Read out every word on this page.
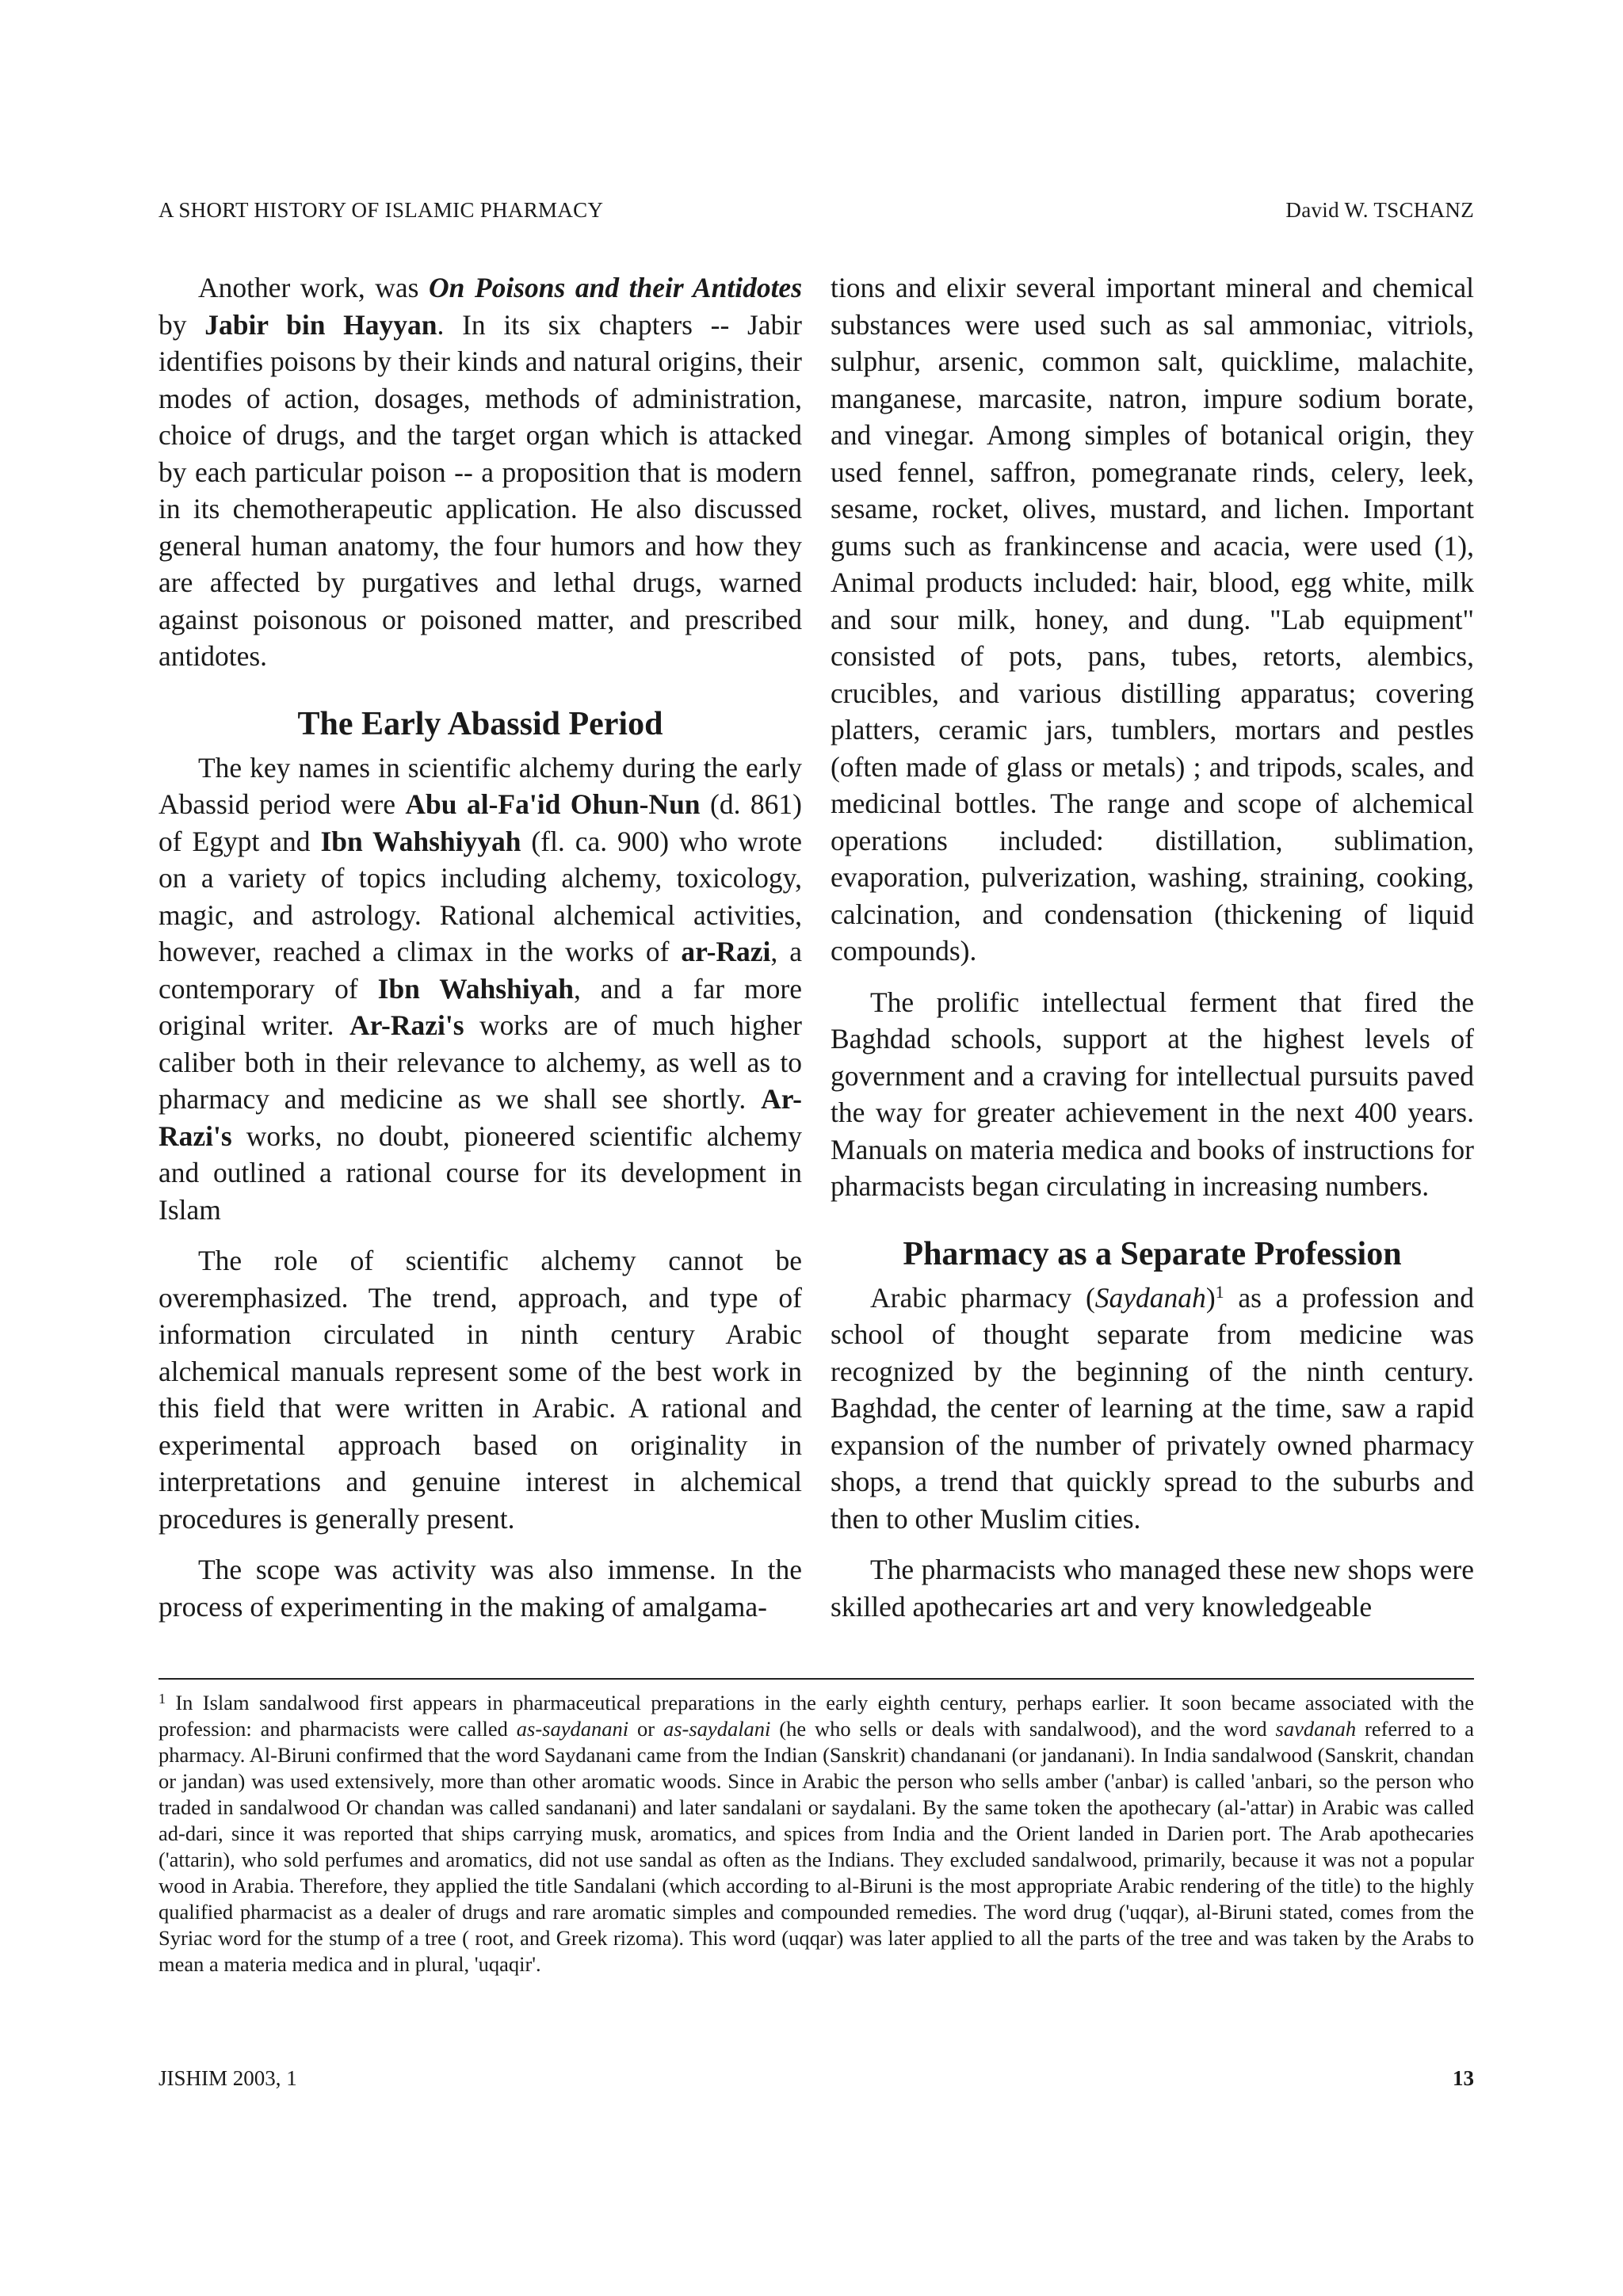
A SHORT HISTORY OF ISLAMIC PHARMACY	David W. TSCHANZ

Another work, was On Poisons and their Antidotes by Jabir bin Hayyan. In its six chapters -- Jabir identifies poisons by their kinds and natural origins, their modes of action, dosages, methods of administration, choice of drugs, and the target organ which is attacked by each particular poison -- a proposition that is modern in its chemotherapeutic application. He also discussed general human anatomy, the four humors and how they are affected by purgatives and lethal drugs, warned against poisonous or poisoned matter, and prescribed antidotes.

The Early Abassid Period

The key names in scientific alchemy during the early Abassid period were Abu al-Fa'id Ohun-Nun (d. 861) of Egypt and Ibn Wahshiyyah (fl. ca. 900) who wrote on a variety of topics including alchemy, toxicology, magic, and astrology. Rational alchemical activities, however, reached a climax in the works of ar-Razi, a contemporary of Ibn Wahshiyah, and a far more original writer. Ar-Razi's works are of much higher caliber both in their relevance to alchemy, as well as to pharmacy and medicine as we shall see shortly. Ar-Razi's works, no doubt, pioneered scientific alchemy and outlined a rational course for its development in Islam

The role of scientific alchemy cannot be overemphasized. The trend, approach, and type of information circulated in ninth century Arabic alchemical manuals represent some of the best work in this field that were written in Arabic. A rational and experimental approach based on originality in interpretations and genuine interest in alchemical procedures is generally present.

The scope was activity was also immense. In the process of experimenting in the making of amalgama-

tions and elixir several important mineral and chemical substances were used such as sal ammoniac, vitriols, sulphur, arsenic, common salt, quicklime, malachite, manganese, marcasite, natron, impure sodium borate, and vinegar. Among simples of botanical origin, they used fennel, saffron, pomegranate rinds, celery, leek, sesame, rocket, olives, mustard, and lichen. Important gums such as frankincense and acacia, were used (1), Animal products included: hair, blood, egg white, milk and sour milk, honey, and dung. "Lab equipment" consisted of pots, pans, tubes, retorts, alembics, crucibles, and various distilling apparatus; covering platters, ceramic jars, tumblers, mortars and pestles (often made of glass or metals) ; and tripods, scales, and medicinal bottles. The range and scope of alchemical operations included: distillation, sublimation, evaporation, pulverization, washing, straining, cooking, calcination, and condensation (thickening of liquid compounds).

The prolific intellectual ferment that fired the Baghdad schools, support at the highest levels of government and a craving for intellectual pursuits paved the way for greater achievement in the next 400 years. Manuals on materia medica and books of instructions for pharmacists began circulating in increasing numbers.

Pharmacy as a Separate Profession

Arabic pharmacy (Saydanah)$^1$ as a profession and school of thought separate from medicine was recognized by the beginning of the ninth century. Baghdad, the center of learning at the time, saw a rapid expansion of the number of privately owned pharmacy shops, a trend that quickly spread to the suburbs and then to other Muslim cities.

The pharmacists who managed these new shops were skilled apothecaries art and very knowledgeable

$^1$ In Islam sandalwood first appears in pharmaceutical preparations in the early eighth century, perhaps earlier. It soon became associated with the profession: and pharmacists were called as-saydanani or as-saydalani (he who sells or deals with sandalwood), and the word savdanah referred to a pharmacy. Al-Biruni confirmed that the word Saydanani came from the Indian (Sanskrit) chandanani (or jandanani). In India sandalwood (Sanskrit, chandan or jandan) was used extensively, more than other aromatic woods. Since in Arabic the person who sells amber ('anbar) is called 'anbari, so the person who traded in sandalwood Or chandan was called sandanani) and later sandalani or saydalani. By the same token the apothecary (al-'attar) in Arabic was called ad-dari, since it was reported that ships carrying musk, aromatics, and spices from India and the Orient landed in Darien port. The Arab apothecaries ('attarin), who sold perfumes and aromatics, did not use sandal as often as the Indians. They excluded sandalwood, primarily, because it was not a popular wood in Arabia. Therefore, they applied the title Sandalani (which according to al-Biruni is the most appropriate Arabic rendering of the title) to the highly qualified pharmacist as a dealer of drugs and rare aromatic simples and compounded remedies. The word drug ('uqqar), al-Biruni stated, comes from the Syriac word for the stump of a tree ( root, and Greek rizoma). This word (uqqar) was later applied to all the parts of the tree and was taken by the Arabs to mean a materia medica and in plural, 'uqaqir'.
JISHIM 2003, 1	13
